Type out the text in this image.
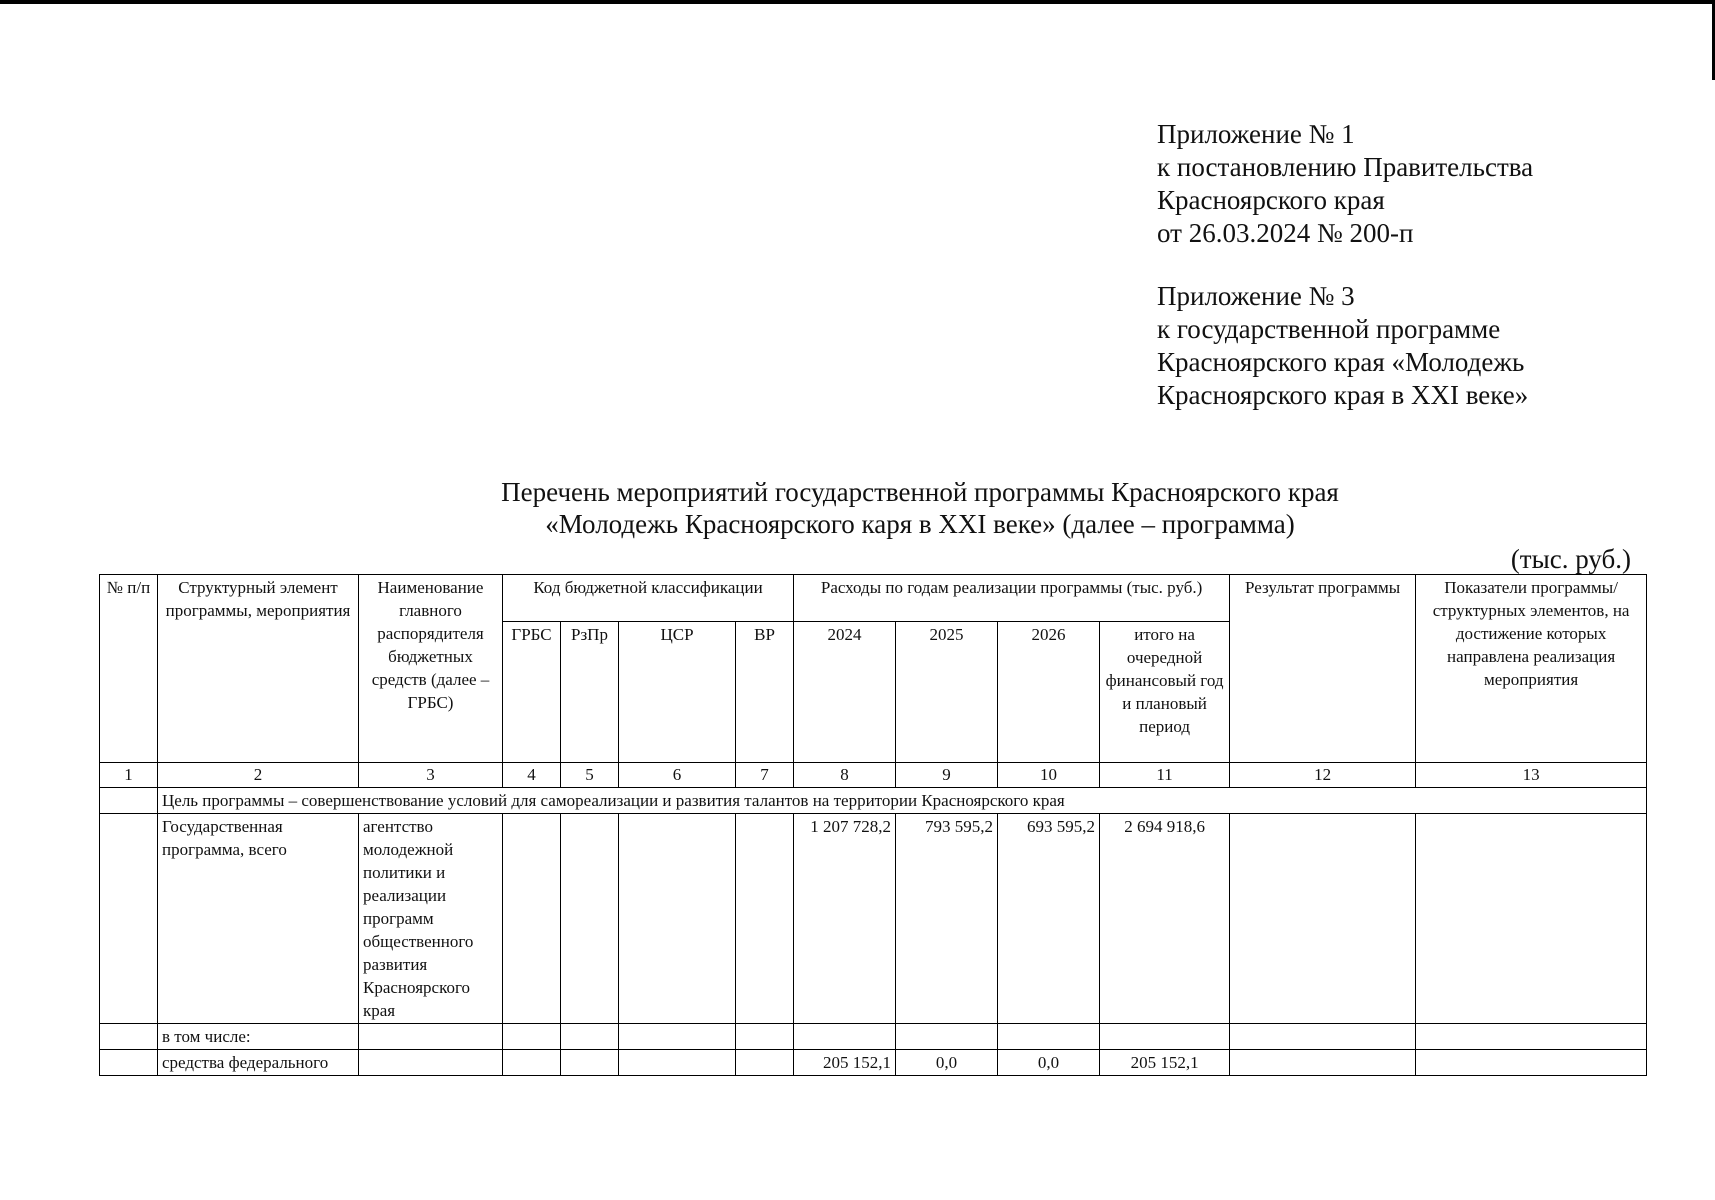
Приложение № 1
к постановлению Правительства
Красноярского края
от 26.03.2024 № 200-п
Приложение № 3
к государственной программе
Красноярского края «Молодежь
Красноярского края в XXI веке»
Перечень мероприятий государственной программы Красноярского края
«Молодежь Красноярского каря в XXI веке» (далее – программа)
(тыс. руб.)
№ п/п	Структурный элемент программы, мероприятия	Наименование главного распорядителя бюджетных средств (далее – ГРБС)	Код бюджетной классификации				Расходы по годам реализации программы (тыс. руб.)				Результат программы	Показатели программы/ структурных элементов, на достижение которых направлена реализация мероприятия
			ГРБС	РзПр	ЦСР	ВР	2024	2025	2026	итого на очередной финансовый год и плановый период		
1	2	3	4	5	6	7	8	9	10	11	12	13
	Цель программы – совершенствование условий для самореализации и развития талантов на территории Красноярского края											
	Государственная программа, всего	агентство молодежной политики и реализации программ общественного развития Красноярского края					1 207 728,2	793 595,2	693 595,2	2 694 918,6		
	в том числе:											
	средства федерального						205 152,1	0,0	0,0	205 152,1		
